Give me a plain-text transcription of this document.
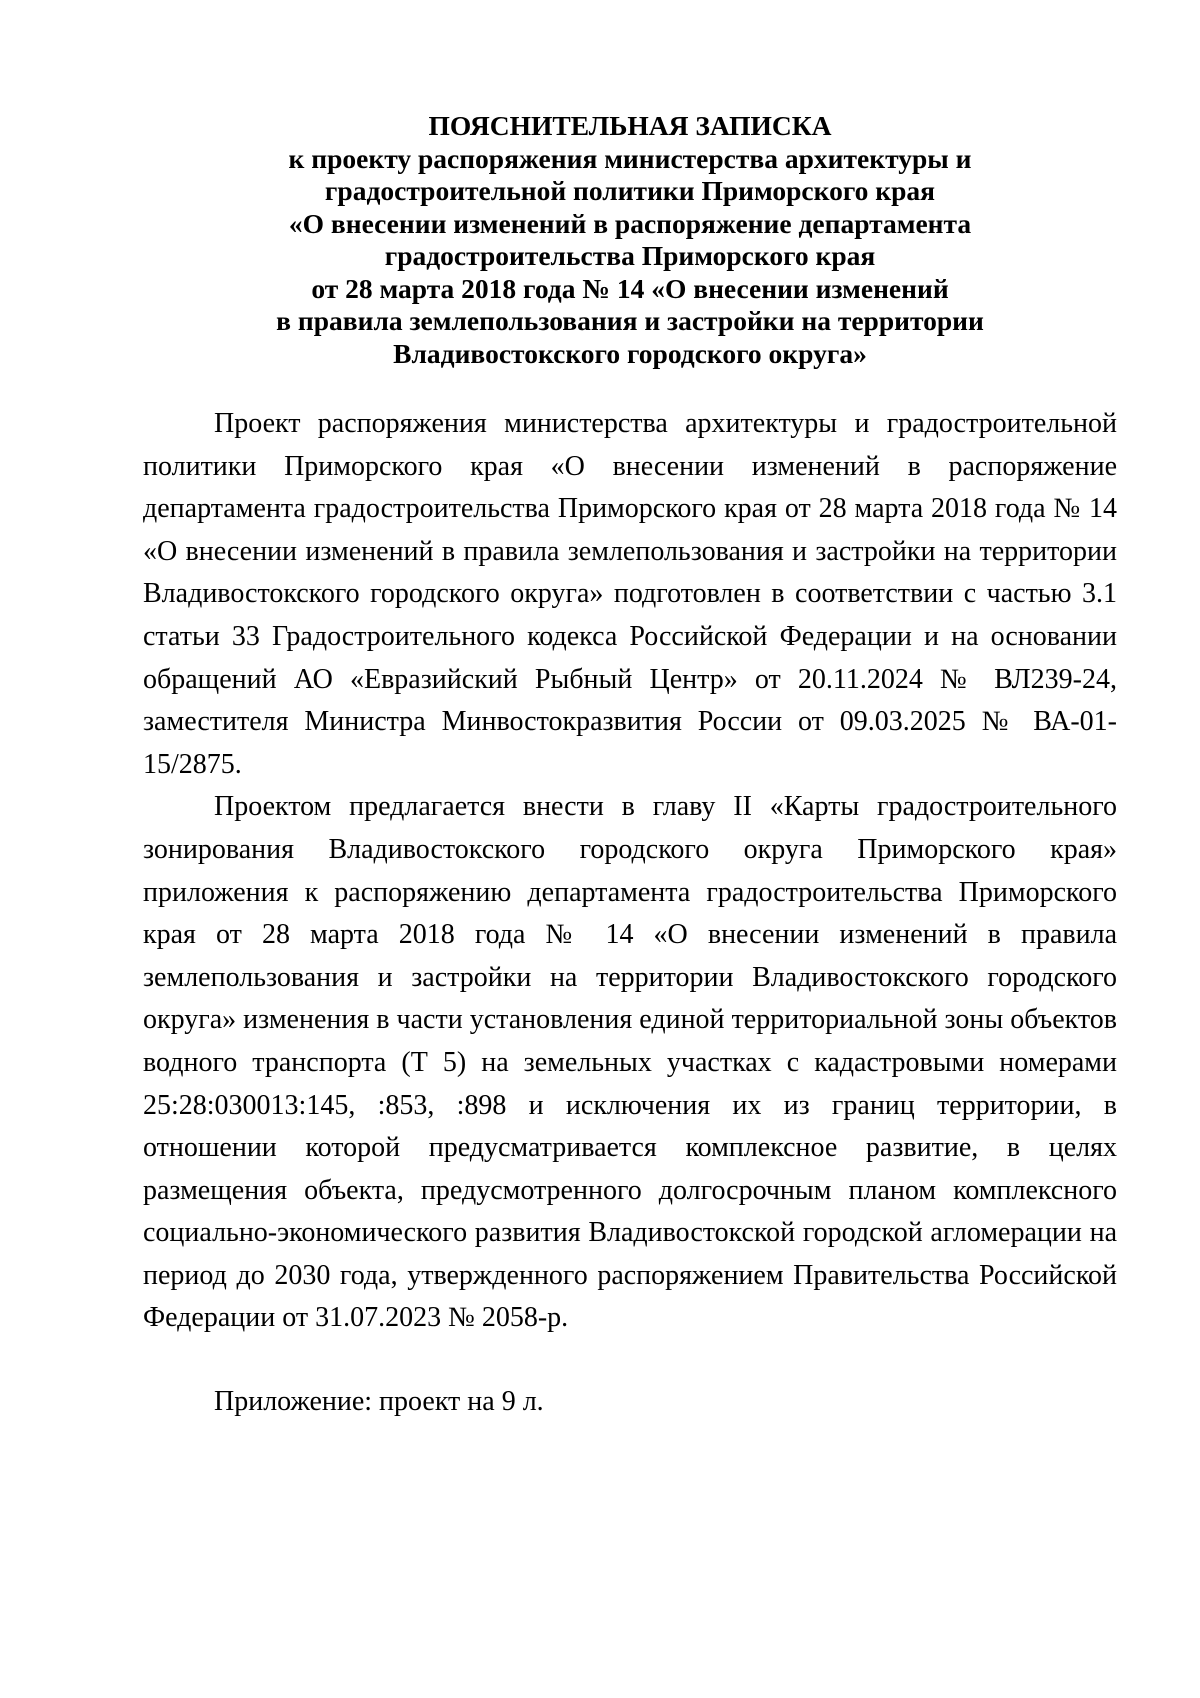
ПОЯСНИТЕЛЬНАЯ ЗАПИСКА
к проекту распоряжения министерства архитектуры и
градостроительной политики Приморского края
«О внесении изменений в распоряжение департамента
градостроительства Приморского края
от 28 марта 2018 года № 14 «О внесении изменений
в правила землепользования и застройки на территории
Владивостокского городского округа»

Проект распоряжения министерства архитектуры и градостроительной политики Приморского края «О внесении изменений в распоряжение департамента градостроительства Приморского края от 28 марта 2018 года № 14 «О внесении изменений в правила землепользования и застройки на территории Владивостокского городского округа» подготовлен в соответствии с частью 3.1 статьи 33 Градостроительного кодекса Российской Федерации и на основании обращений АО «Евразийский Рыбный Центр» от 20.11.2024 № ВЛ239-24, заместителя Министра Минвостокразвития России от 09.03.2025 № ВА-01-15/2875.

Проектом предлагается внести в главу II «Карты градостроительного зонирования Владивостокского городского округа Приморского края» приложения к распоряжению департамента градостроительства Приморского края от 28 марта 2018 года № 14 «О внесении изменений в правила землепользования и застройки на территории Владивостокского городского округа» изменения в части установления единой территориальной зоны объектов водного транспорта (Т 5) на земельных участках с кадастровыми номерами 25:28:030013:145, :853, :898 и исключения их из границ территории, в отношении которой предусматривается комплексное развитие, в целях размещения объекта, предусмотренного долгосрочным планом комплексного социально-экономического развития Владивостокской городской агломерации на период до 2030 года, утвержденного распоряжением Правительства Российской Федерации от 31.07.2023 № 2058-р.

Приложение: проект на 9 л.
